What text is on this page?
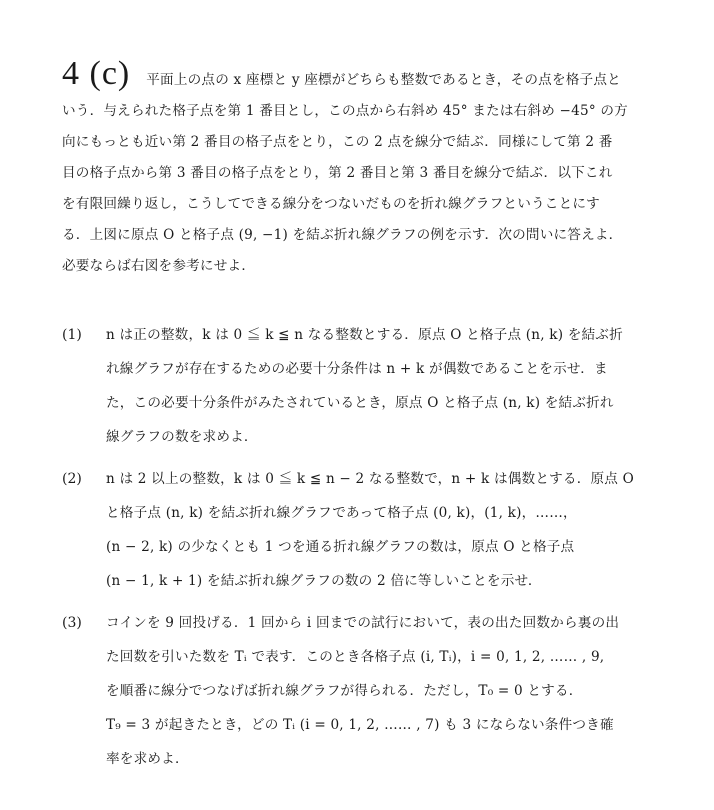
4 (c) 平面上の点の x 座標と y 座標がどちらも整数であるとき，その点を格子点と
いう．与えられた格子点を第 1 番目とし，この点から右斜め 45° または右斜め −45° の方
向にもっとも近い第 2 番目の格子点をとり，この 2 点を線分で結ぶ．同様にして第 2 番
目の格子点から第 3 番目の格子点をとり，第 2 番目と第 3 番目を線分で結ぶ．以下これ
を有限回繰り返し，こうしてできる線分をつないだものを折れ線グラフということにす
る．上図に原点 O と格子点 (9, −1) を結ぶ折れ線グラフの例を示す．次の問いに答えよ．
必要ならば右図を参考にせよ．
(1)	n は正の整数，k は 0 ≦ k ≦ n なる整数とする．原点 O と格子点 (n, k) を結ぶ折
れ線グラフが存在するための必要十分条件は n + k が偶数であることを示せ．ま
た，この必要十分条件がみたされているとき，原点 O と格子点 (n, k) を結ぶ折れ
線グラフの数を求めよ．
(2)	n は 2 以上の整数，k は 0 ≦ k ≦ n − 2 なる整数で，n + k は偶数とする．原点 O
と格子点 (n, k) を結ぶ折れ線グラフであって格子点 (0, k)，(1, k)，……，
(n − 2, k) の少なくとも 1 つを通る折れ線グラフの数は，原点 O と格子点
(n − 1, k + 1) を結ぶ折れ線グラフの数の 2 倍に等しいことを示せ．
(3)	コインを 9 回投げる．1 回から i 回までの試行において，表の出た回数から裏の出
た回数を引いた数を Tᵢ で表す．このとき各格子点 (i, Tᵢ)，i = 0, 1, 2, …… , 9,
を順番に線分でつなげば折れ線グラフが得られる．ただし，T₀ = 0 とする．
T₉ = 3 が起きたとき，どの Tᵢ (i = 0, 1, 2, …… , 7) も 3 にならない条件つき確
率を求めよ．
